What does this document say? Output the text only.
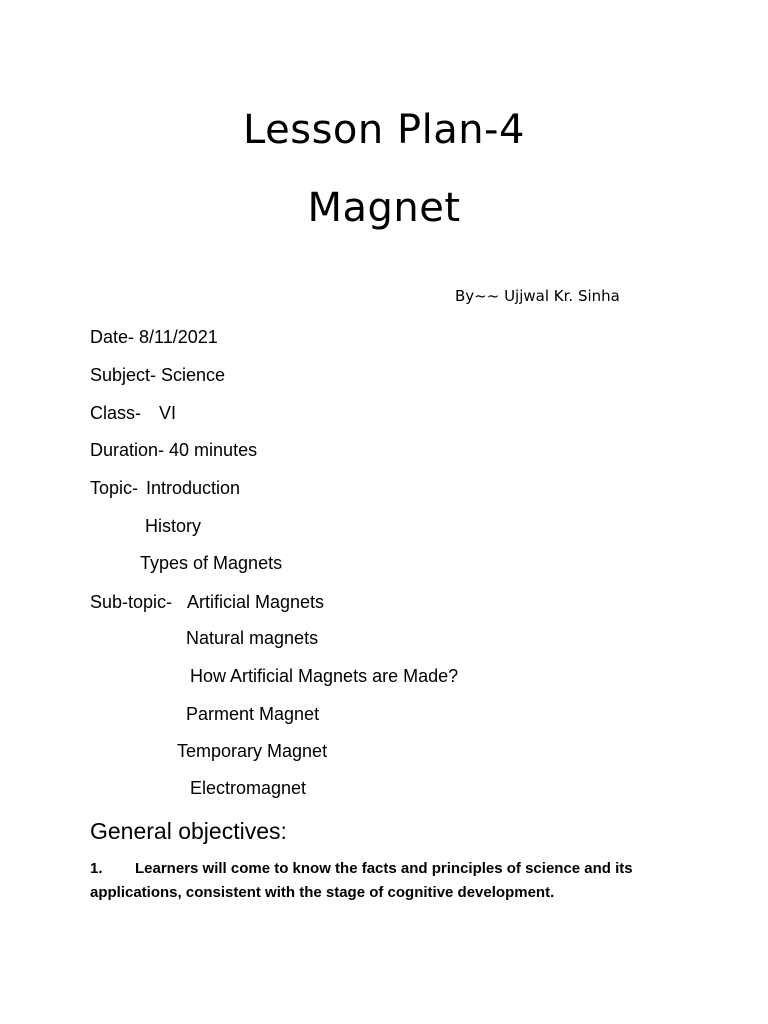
Lesson Plan-4
Magnet
By~~ Ujjwal Kr. Sinha
Date- 8/11/2021
Subject- Science
Class- VI
Duration- 40 minutes
Topic- Introduction
History
Types of Magnets
Sub-topic- Artificial Magnets
Natural magnets
How Artificial Magnets are Made?
Parment Magnet
Temporary Magnet
Electromagnet
General objectives:
1. Learners will come to know the facts and principles of science and its applications, consistent with the stage of cognitive development.
